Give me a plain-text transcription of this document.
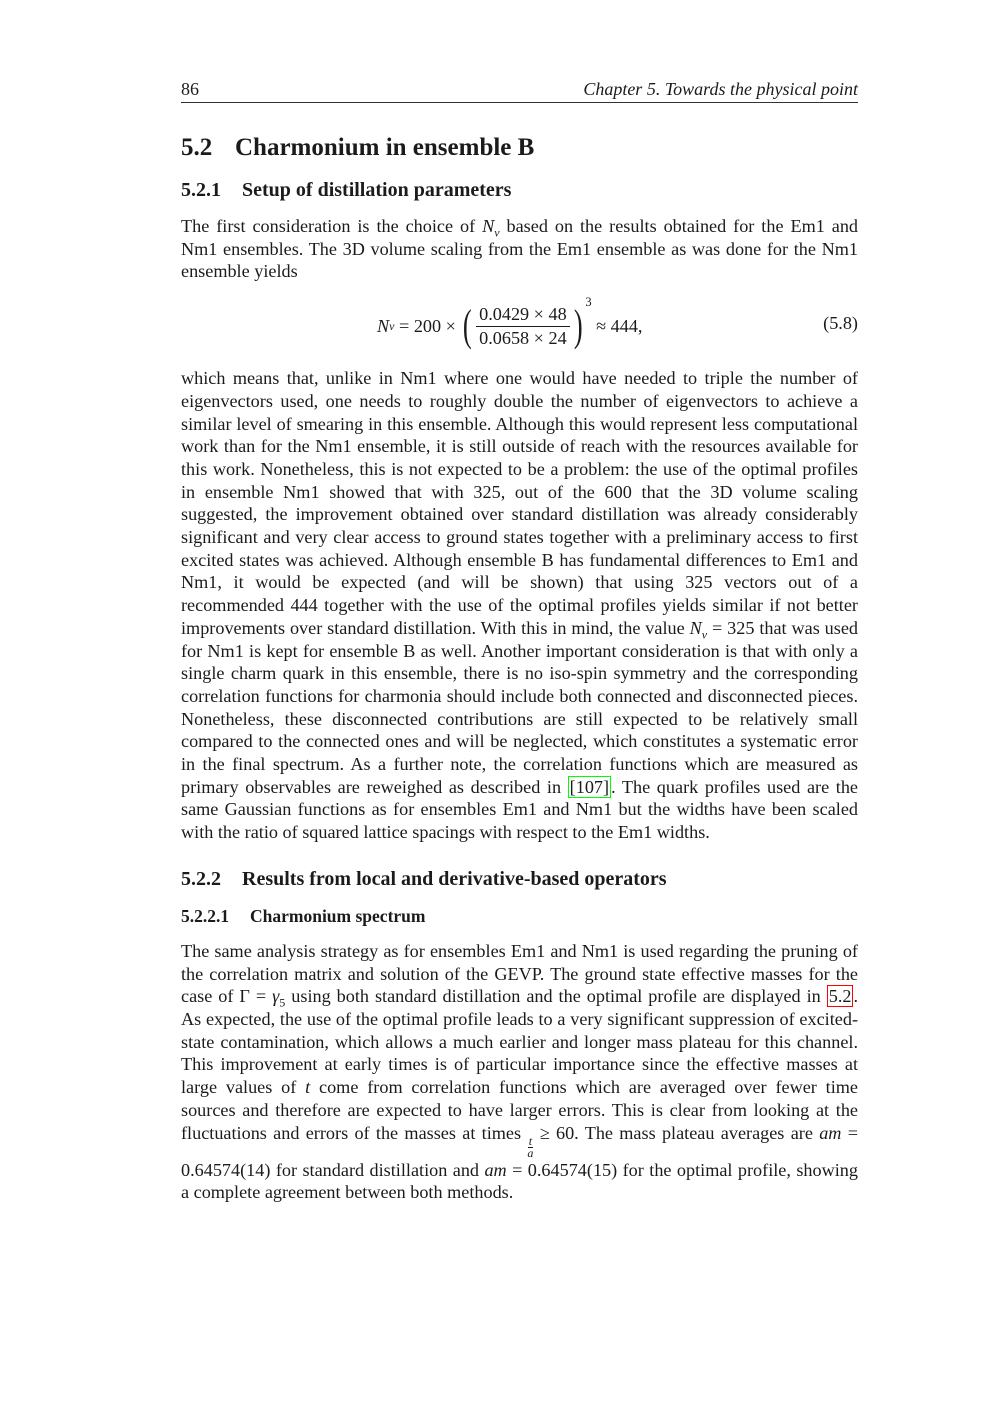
86	Chapter 5. Towards the physical point
5.2 Charmonium in ensemble B
5.2.1 Setup of distillation parameters

The first consideration is the choice of $N_v$ based on the results obtained for the Em1 and Nm1 ensembles. The 3D volume scaling from the Em1 ensemble as was done for the Nm1 ensemble yields

N v = 200 × ( $\frac{0.0429 \times 48}{0.0658 \times 24}$ ) 3
≈ 444,	(5.8)

which means that, unlike in Nm1 where one would have needed to triple the number of eigenvectors used, one needs to roughly double the number of eigenvectors to achieve a similar level of smearing in this ensemble. Although this would represent less computational work than for the Nm1 ensemble, it is still outside of reach with the resources available for this work. Nonetheless, this is not expected to be a problem: the use of the optimal profiles in ensemble Nm1 showed that with 325, out of the 600 that the 3D volume scaling suggested, the improvement obtained over standard distillation was already considerably significant and very clear access to ground states together with a preliminary access to first excited states was achieved. Although ensemble B has fundamental differences to Em1 and Nm1, it would be expected (and will be shown) that using 325 vectors out of a recommended 444 together with the use of the optimal profiles yields similar if not better improvements over standard distillation. With this in mind, the value $N_v = 325$ that was used for Nm1 is kept for ensemble B as well. Another important consideration is that with only a single charm quark in this ensemble, there is no iso-spin symmetry and the corresponding correlation functions for charmonia should include both connected and disconnected pieces. Nonetheless, these disconnected contributions are still expected to be relatively small compared to the connected ones and will be neglected, which constitutes a systematic error in the final spectrum. As a further note, the correlation functions which are measured as primary observables are reweighed as described in [107] . The quark profiles used are the same Gaussian functions as for ensembles Em1 and Nm1 but the widths have been scaled with the ratio of squared lattice spacings with respect to the Em1 widths.

5.2.2 Results from local and derivative-based operators
5.2.2.1 Charmonium spectrum

The same analysis strategy as for ensembles Em1 and Nm1 is used regarding the pruning of the correlation matrix and solution of the GEVP. The ground state effective masses for the case of $\Gamma = \gamma_5$ using both standard distillation and the optimal profile are displayed in 5.2 . As expected, the use of the optimal profile leads to a very significant suppression of excited-state contamination, which allows a much earlier and longer mass plateau for this channel. This improvement at early times is of particular importance since the effective masses at large values of t come from correlation functions which are averaged over fewer time sources and therefore are expected to have larger errors. This is clear from looking at the fluctuations and errors of the masses at times
$\frac{t}{a}$
≥ 60. The mass plateau averages are am = 0.64574(14) for standard distillation and am = 0.64574(15) for the optimal profile, showing a complete agreement between both methods.
